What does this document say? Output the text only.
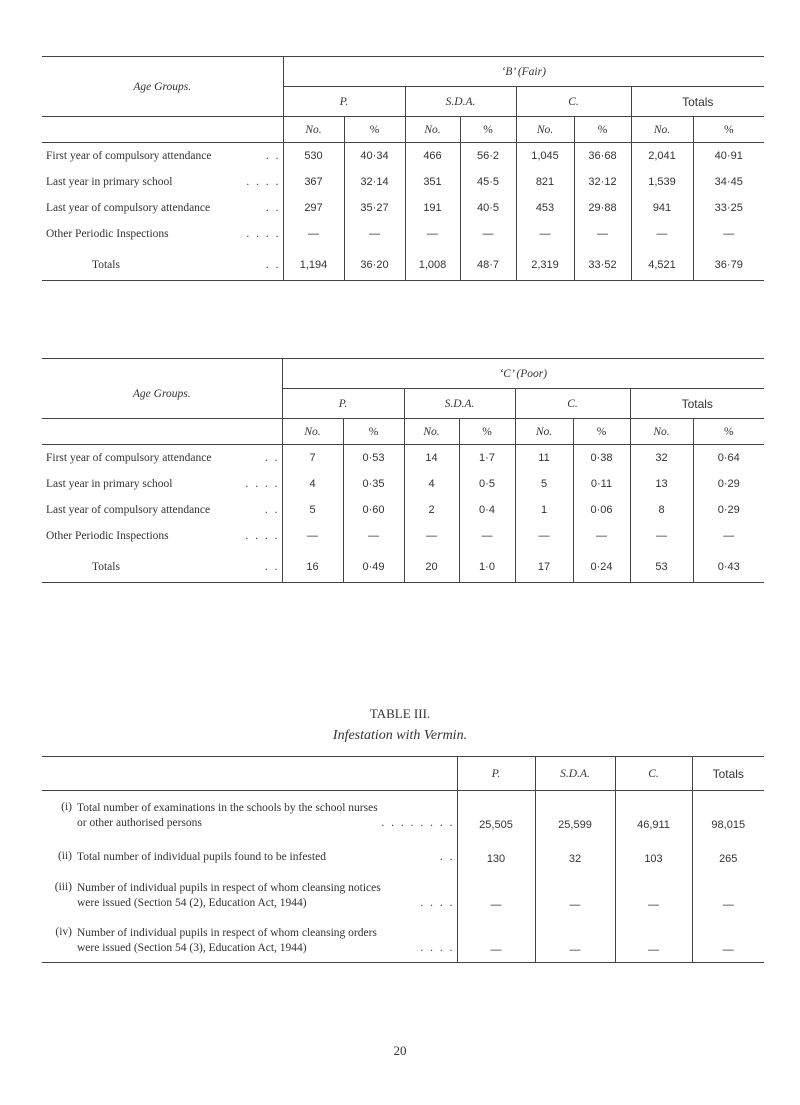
Age Groups.	‘B’ (Fair)							
	P.		S.D.A.		C.		Totals	
	No.	%	No.	%	No.	%	No.	%
First year of compulsory attendance . .	530	40·34	466	56·2	1,045	36·68	2,041	40·91
Last year in primary school . . . .	367	32·14	351	45·5	821	32·12	1,539	34·45
Last year of compulsory attendance . .	297	35·27	191	40·5	453	29·88	941	33·25
Other Periodic Inspections . . . .	—	—	—	—	—	—	—	—

Totals . .	1,194	36·20	1,008	48·7	2,319	33·52	4,521	36·79
Age Groups.	‘C’ (Poor)							
	P.		S.D.A.		C.		Totals	
	No.	%	No.	%	No.	%	No.	%
First year of compulsory attendance . .	7	0·53	14	1·7	11	0·38	32	0·64
Last year in primary school . . . .	4	0·35	4	0·5	5	0·11	13	0·29
Last year of compulsory attendance . .	5	0·60	2	0·4	1	0·06	8	0·29
Other Periodic Inspections . . . .	—	—	—	—	—	—	—	—

Totals . .	16	0·49	20	1·0	17	0·24	53	0·43
TABLE III.
Infestation with Vermin.
	P.	S.D.A.	C.	Totals

(i) Total number of examinations in the schools by the school nurses
or other authorised persons . . . . . . . .	25,505	25,599	46,911	98,015

(ii) Total number of individual pupils found to be infested . .	130	32	103	265

(iii) Number of individual pupils in respect of whom cleansing notices
were issued (Section 54 (2), Education Act, 1944) . . . .	—	—	—	—

(iv) Number of individual pupils in respect of whom cleansing orders
were issued (Section 54 (3), Education Act, 1944) . . . .	—	—	—	—
20
